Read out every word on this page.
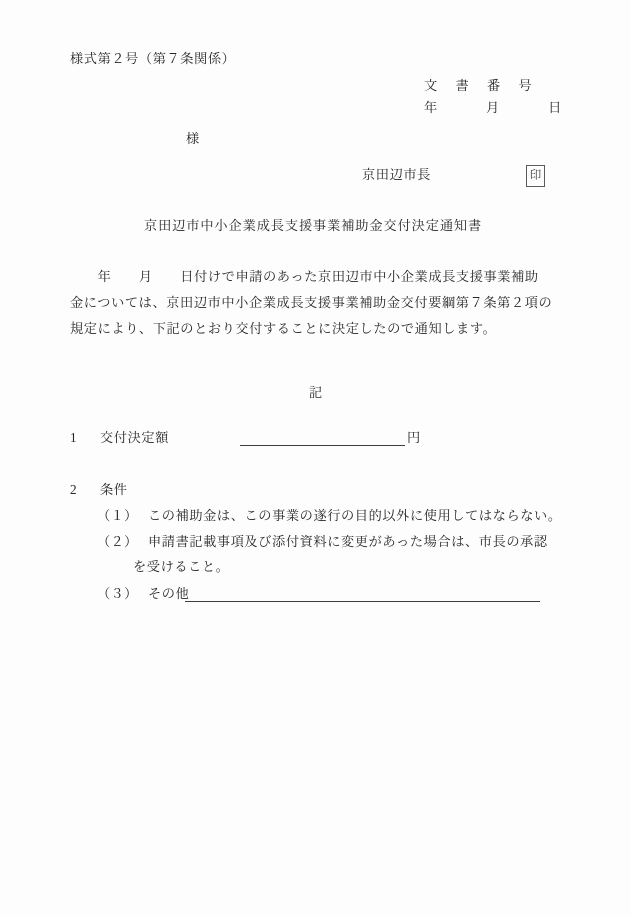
様式第２号（第７条関係）
文 書 番 号
年　　月　　日
様
京田辺市長	印
京田辺市中小企業成長支援事業補助金交付決定通知書
　　年　　月　　日付けで申請のあった京田辺市中小企業成長支援事業補助
金については、京田辺市中小企業成長支援事業補助金交付要綱第７条第２項の
規定により、下記のとおり交付することに決定したので通知します。
記
1 交付決定額	円
2 条件
（１） この補助金は、この事業の遂行の目的以外に使用してはならない。
（２） 申請書記載事項及び添付資料に変更があった場合は、市長の承認
を受けること。
（３） その他
